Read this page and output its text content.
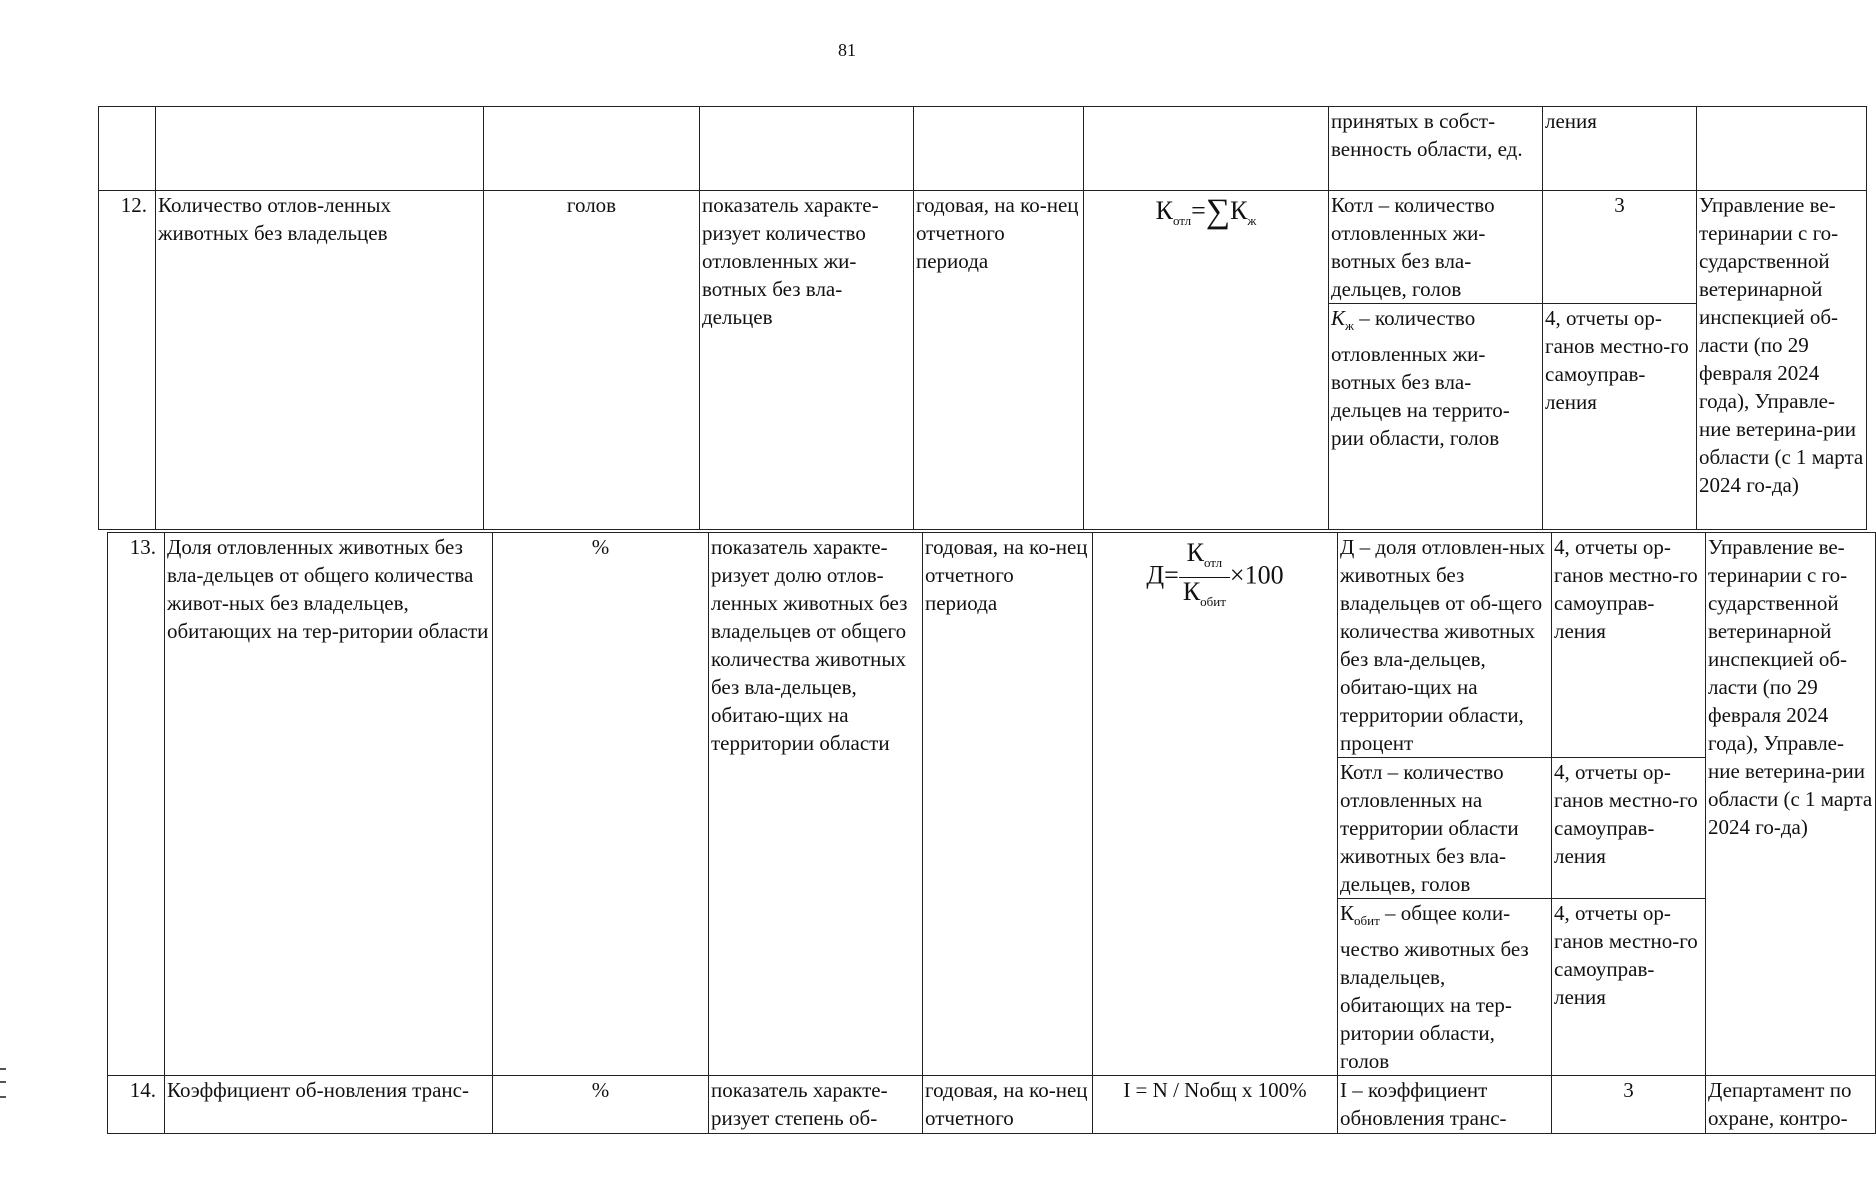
81
						принятых в собст-венность области, ед.	ления	
12.	Количество отлов-ленных животных без владельцев	голов	показатель характе-ризует количество отловленных жи-вотных без вла-дельцев	годовая, на ко-нец отчетного периода	$К_{отл}=\sum К_ж$	Котл – количество отловленных жи-вотных без вла-дельцев, голов	3	Управление ве-теринарии с го-сударственной ветеринарной инспекцией об-ласти (по 29 февраля 2024 года), Управле-ние ветерина-рии области (с 1 марта 2024 го-да)
						$К_ж$ – количество отловленных жи-вотных без вла-дельцев на террито-рии области, голов	4, отчеты ор-ганов местно-го самоуправ-ления	
13.	Доля отловленных животных без вла-дельцев от общего количества живот-ных без владельцев, обитающих на тер-ритории области	%	показатель характе-ризует долю отлов-ленных животных без владельцев от общего количества животных без вла-дельцев, обитаю-щих на территории области	годовая, на ко-нец отчетного периода	$Д= \frac{К_{отл}}{К_{обит}} \times 100$	Д – доля отловлен-ных животных без владельцев от об-щего количества животных без вла-дельцев, обитаю-щих на территории области, процент	4, отчеты ор-ганов местно-го самоуправ-ления	Управление ве-теринарии с го-сударственной ветеринарной инспекцией об-ласти (по 29 февраля 2024 года), Управле-ние ветерина-рии области (с 1 марта 2024 го-да)
						Котл – количество отловленных на территории области животных без вла-дельцев, голов	4, отчеты ор-ганов местно-го самоуправ-ления	
						$К_{обит}$ – общее коли-чество животных без владельцев, обитающих на тер-ритории области, голов	4, отчеты ор-ганов местно-го самоуправ-ления	
14.	Коэффициент об-новления транс-	%	показатель характе-ризует степень об-	годовая, на ко-нец отчетного	I = N / Nобщ x 100%	I – коэффициент обновления транс-	3	Департамент по охране, контро-
